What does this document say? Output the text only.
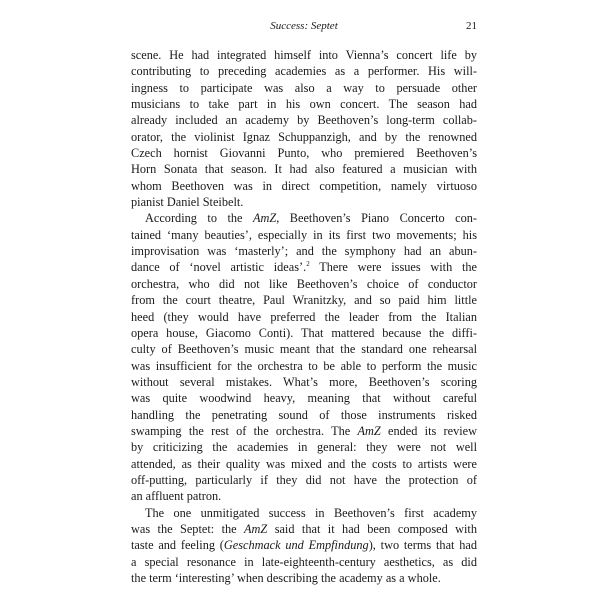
Success: Septet	21

scene. He had integrated himself into Vienna’s concert life by
contributing to preceding academies as a performer. His will-
ingness to participate was also a way to persuade other
musicians to take part in his own concert. The season had
already included an academy by Beethoven’s long-term collab-
orator, the violinist Ignaz Schuppanzigh, and by the renowned
Czech hornist Giovanni Punto, who premiered Beethoven’s
Horn Sonata that season. It had also featured a musician with
whom Beethoven was in direct competition, namely virtuoso
pianist Daniel Steibelt.

According to the AmZ, Beethoven’s Piano Concerto con-
tained ‘many beauties’, especially in its first two movements; his
improvisation was ‘masterly’; and the symphony had an abun-
dance of ‘novel artistic ideas’.$^2$ There were issues with the
orchestra, who did not like Beethoven’s choice of conductor
from the court theatre, Paul Wranitzky, and so paid him little
heed (they would have preferred the leader from the Italian
opera house, Giacomo Conti). That mattered because the diffi-
culty of Beethoven’s music meant that the standard one rehearsal
was insufficient for the orchestra to be able to perform the music
without several mistakes. What’s more, Beethoven’s scoring
was quite woodwind heavy, meaning that without careful
handling the penetrating sound of those instruments risked
swamping the rest of the orchestra. The AmZ ended its review
by criticizing the academies in general: they were not well
attended, as their quality was mixed and the costs to artists were
off-putting, particularly if they did not have the protection of
an affluent patron.

The one unmitigated success in Beethoven’s first academy
was the Septet: the AmZ said that it had been composed with
taste and feeling (Geschmack und Empfindung), two terms that had
a special resonance in late-eighteenth-century aesthetics, as did
the term ‘interesting’ when describing the academy as a whole.
